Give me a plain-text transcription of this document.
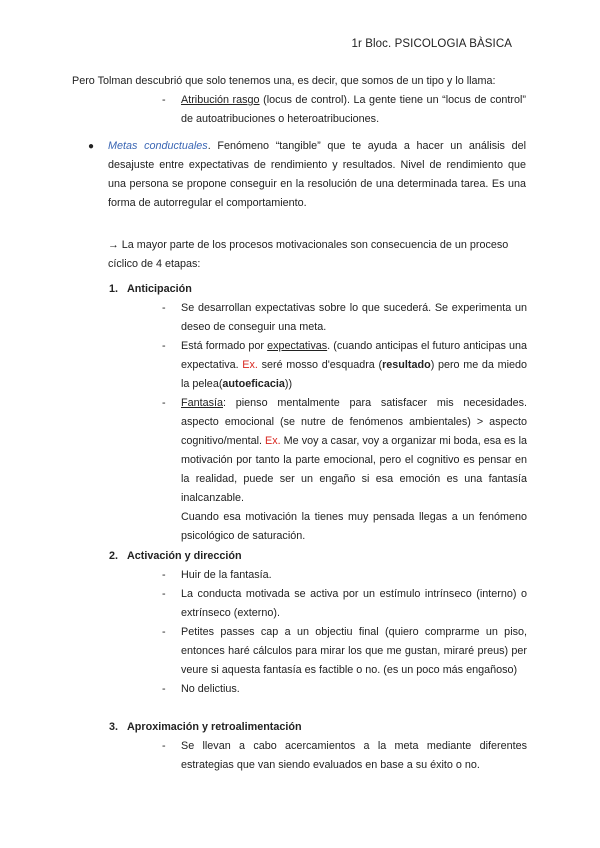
1r Bloc. PSICOLOGIA BÀSICA
Pero Tolman descubrió que solo tenemos una, es decir, que somos de un tipo y lo llama:
- Atribución rasgo (locus de control). La gente tiene un “locus de control” de autoatribuciones o heteroatribuciones.
● Metas conductuales. Fenómeno “tangible” que te ayuda a hacer un análisis del desajuste entre expectativas de rendimiento y resultados. Nivel de rendimiento que una persona se propone conseguir en la resolución de una determinada tarea. Es una forma de autorregular el comportamiento.
→ La mayor parte de los procesos motivacionales son consecuencia de un proceso cíclico de 4 etapas:
1. Anticipación
- Se desarrollan expectativas sobre lo que sucederá. Se experimenta un deseo de conseguir una meta.
- Está formado por expectativas. (cuando anticipas el futuro anticipas una expectativa. Ex. seré mosso d'esquadra (resultado) pero me da miedo la pelea(autoeficacia))
- Fantasía: pienso mentalmente para satisfacer mis necesidades. aspecto emocional (se nutre de fenómenos ambientales) > aspecto cognitivo/mental. Ex. Me voy a casar, voy a organizar mi boda, esa es la motivación por tanto la parte emocional, pero el cognitivo es pensar en la realidad, puede ser un engaño si esa emoción es una fantasía inalcanzable.
Cuando esa motivación la tienes muy pensada llegas a un fenómeno psicológico de saturación.
2. Activación y dirección
- Huir de la fantasía.
- La conducta motivada se activa por un estímulo intrínseco (interno) o extrínseco (externo).
- Petites passes cap a un objectiu final (quiero comprarme un piso, entonces haré cálculos para mirar los que me gustan, miraré preus) per veure si aquesta fantasía es factible o no. (es un poco más engañoso)
- No delictius.
3. Aproximación y retroalimentación
- Se llevan a cabo acercamientos a la meta mediante diferentes estrategias que van siendo evaluados en base a su éxito o no.
